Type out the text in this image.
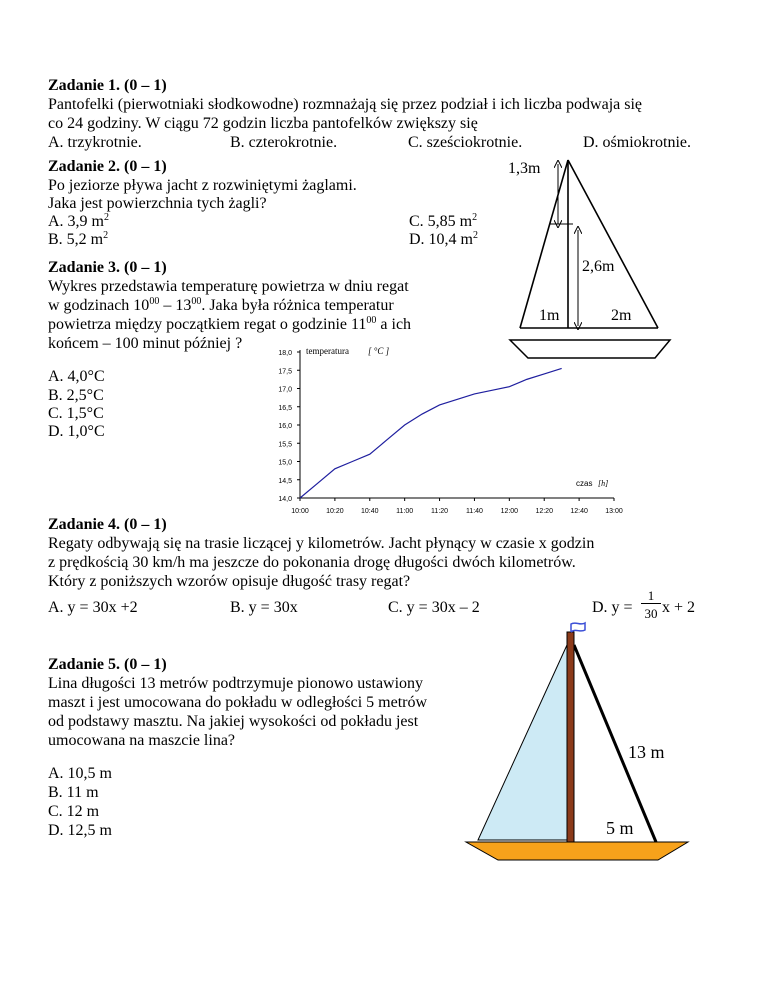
Zadanie 1. (0 – 1)
Pantofelki (pierwotniaki słodkowodne) rozmnażają się przez podział i ich liczba podwaja się
co 24 godziny. W ciągu 72 godzin liczba pantofelków zwiększy się
A. trzykrotnie.	B. czterokrotnie.	C. sześciokrotnie.	D. ośmiokrotnie.
Zadanie 2. (0 – 1)
Po jeziorze pływa jacht z rozwiniętymi żaglami.
Jaka jest powierzchnia tych żagli?
A. 3,9 $m^2$
B. 5,2 $m^2$
C. 5,85 $m^2$
D. 10,4 $m^2$
1,3m
2,6m
1m	2m
Zadanie 3. (0 – 1)
Wykres przedstawia temperaturę powietrza w dniu regat
w godzinach $10^{00} - 13^{00}$. Jaka była różnica temperatur
powietrza między początkiem regat o godzinie $11^{00}$ a ich
końcem – 100 minut później ?
A. 4,0°C
B. 2,5°C
C. 1,5°C
D. 1,0°C
14,0
14,5
15,0
15,5
16,0
16,5
17,0
17,5
18,0
10:00 10:20 10:40	11:00	11:20	11:40	12:00 12:20 12:40 13:00
temperatura [ °C ]
czas [h]
Zadanie 4. (0 – 1)
Regaty odbywają się na trasie liczącej y kilometrów. Jacht płynący w czasie x godzin
z prędkością 30 km/h ma jeszcze do pokonania drogę długości dwóch kilometrów.
Który z poniższych wzorów opisuje długość trasy regat?
A. y = 30x +2	B. y = 30x	C. y = 30x – 2	D. y =
1
30 x + 2
Zadanie 5. (0 – 1)
Lina długości 13 metrów podtrzymuje pionowo ustawiony
maszt i jest umocowana do pokładu w odległości 5 metrów
od podstawy masztu. Na jakiej wysokości od pokładu jest
umocowana na maszcie lina?
A. 10,5 m
B. 11 m
C. 12 m
D. 12,5 m
13 m
5 m
